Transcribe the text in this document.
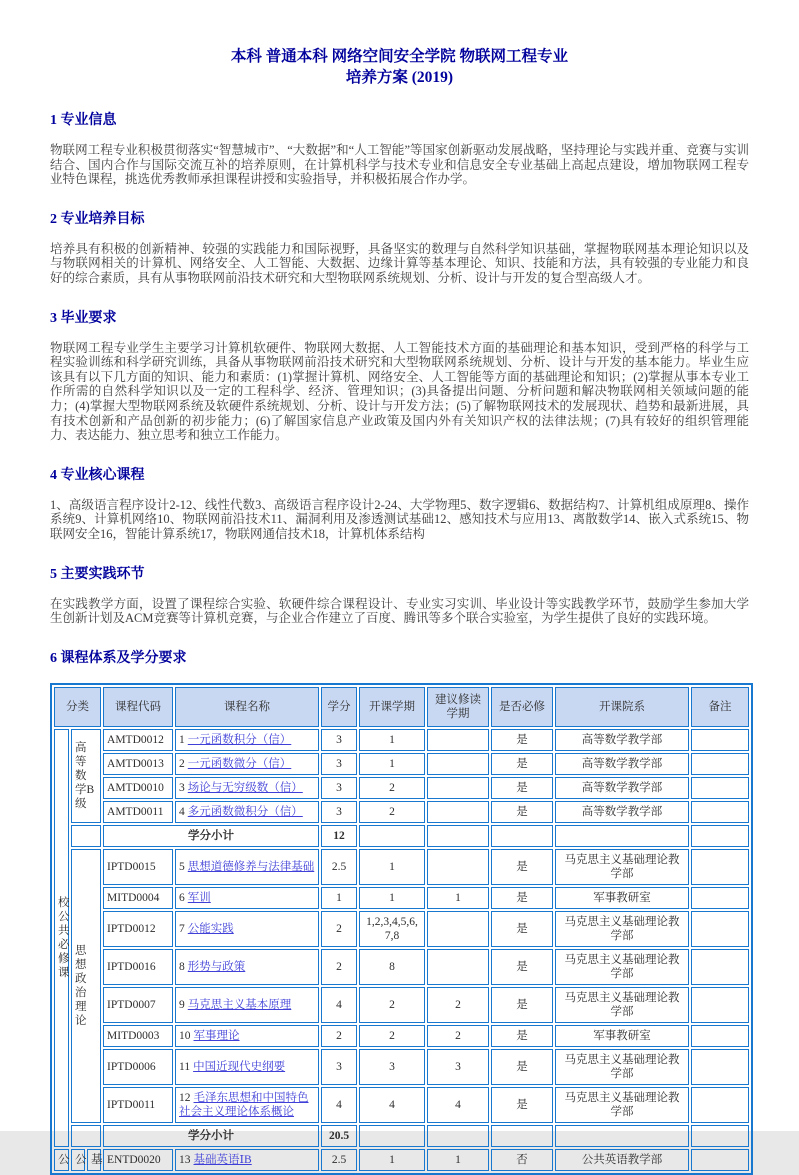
本科 普通本科 网络空间安全学院 物联网工程专业
培养方案 (2019)
1 专业信息

物联网工程专业积极贯彻落实“智慧城市”、“大数据”和“人工智能”等国家创新驱动发展战略，坚持理论与实践并重、竞赛与实训结合、国内合作与国际交流互补的培养原则，在计算机科学与技术专业和信息安全专业基础上高起点建设，增加物联网工程专业特色课程，挑选优秀教师承担课程讲授和实验指导，并积极拓展合作办学。

2 专业培养目标

培养具有积极的创新精神、较强的实践能力和国际视野，具备坚实的数理与自然科学知识基础，掌握物联网基本理论知识以及与物联网相关的计算机、网络安全、人工智能、大数据、边缘计算等基本理论、知识、技能和方法，具有较强的专业能力和良好的综合素质，具有从事物联网前沿技术研究和大型物联网系统规划、分析、设计与开发的复合型高级人才。

3 毕业要求

物联网工程专业学生主要学习计算机软硬件、物联网大数据、人工智能技术方面的基础理论和基本知识，受到严格的科学与工程实验训练和科学研究训练，具备从事物联网前沿技术研究和大型物联网系统规划、分析、设计与开发的基本能力。毕业生应该具有以下几方面的知识、能力和素质：(1)掌握计算机、网络安全、人工智能等方面的基础理论和知识；(2)掌握从事本专业工作所需的自然科学知识以及一定的工程科学、经济、管理知识；(3)具备提出问题、分析问题和解决物联网相关领域问题的能力；(4)掌握大型物联网系统及软硬件系统规划、分析、设计与开发方法；(5)了解物联网技术的发展现状、趋势和最新进展，具有技术创新和产品创新的初步能力；(6)了解国家信息产业政策及国内外有关知识产权的法律法规；(7)具有较好的组织管理能力、表达能力、独立思考和独立工作能力。

4 专业核心课程

1、高级语言程序设计2-12、线性代数3、高级语言程序设计2-24、大学物理5、数字逻辑6、数据结构7、计算机组成原理8、操作系统9、计算机网络10、物联网前沿技术11、漏洞利用及渗透测试基础12、感知技术与应用13、离散数学14、嵌入式系统15、物联网安全16，智能计算系统17，物联网通信技术18，计算机体系结构

5 主要实践环节

在实践教学方面，设置了课程综合实验、软硬件综合课程设计、专业实习实训、毕业设计等实践教学环节，鼓励学生参加大学生创新计划及ACM竞赛等计算机竞赛，与企业合作建立了百度、腾讯等多个联合实验室，为学生提供了良好的实践环境。

6 课程体系及学分要求
分类			课程代码	课程名称	学分	开课学期	建议修读学期	是否必修	开课院系	备注
校
公
共
必
修
课	高等数学B级	AMTD0012	1 一元函数积分（信）	3	1		是	高等数学教学部	
			AMTD0013	2 一元函数微分（信）	3	1		是	高等数学教学部	
			AMTD0010	3 场论与无穷级数（信）	3	2		是	高等数学教学部	
			AMTD0011	4 多元函数微积分（信）	3	2		是	高等数学教学部	
			学分小计		12					
	思想政治理论		IPTD0015	5 思想道德修养与法律基础	2.5	1		是	马克思主义基础理论教学部	
			MITD0004	6 军训	1	1	1	是	军事教研室	
			IPTD0012	7 公能实践	2	1,2,3,4,5,6,7,8		是	马克思主义基础理论教学部	
			IPTD0016	8 形势与政策	2	8		是	马克思主义基础理论教学部	
			IPTD0007	9 马克思主义基本原理	4	2	2	是	马克思主义基础理论教学部	
			MITD0003	10 军事理论	2	2	2	是	军事教研室	
			IPTD0006	11 中国近现代史纲要	3	3	3	是	马克思主义基础理论教学部	
			IPTD0011	12 毛泽东思想和中国特色社会主义理论体系概论	4	4	4	是	马克思主义基础理论教学部	
			学分小计		20.5					
公	公	基	ENTD0020	13 基础英语ⅠB	2.5	1	1	否	公共英语教学部	
